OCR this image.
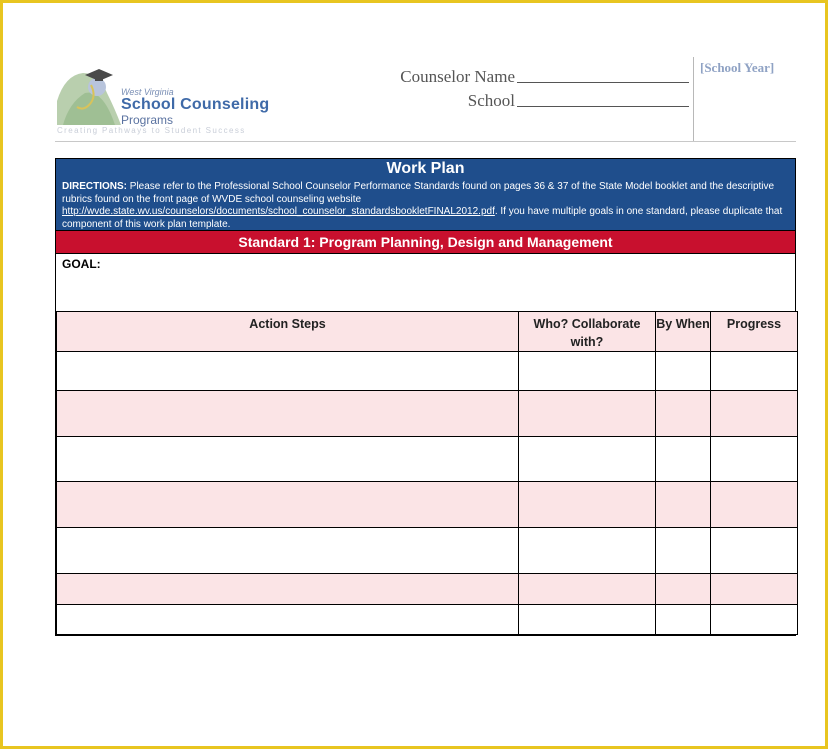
West Virginia
School Counseling
Programs
Creating Pathways to Student Success
Counselor Name
School
[School Year]
Work Plan
DIRECTIONS: Please refer to the Professional School Counselor Performance Standards found on pages 36 & 37 of the State Model booklet and the descriptive rubrics found on the front page of WVDE school counseling website
http://wvde.state.wv.us/counselors/documents/school_counselor_standardsbookletFINAL2012.pdf. If you have multiple goals in one standard, please duplicate that component of this work plan template.
Standard 1: Program Planning, Design and Management
GOAL:
Action Steps	Who? Collaborate with?	By When	Progress
